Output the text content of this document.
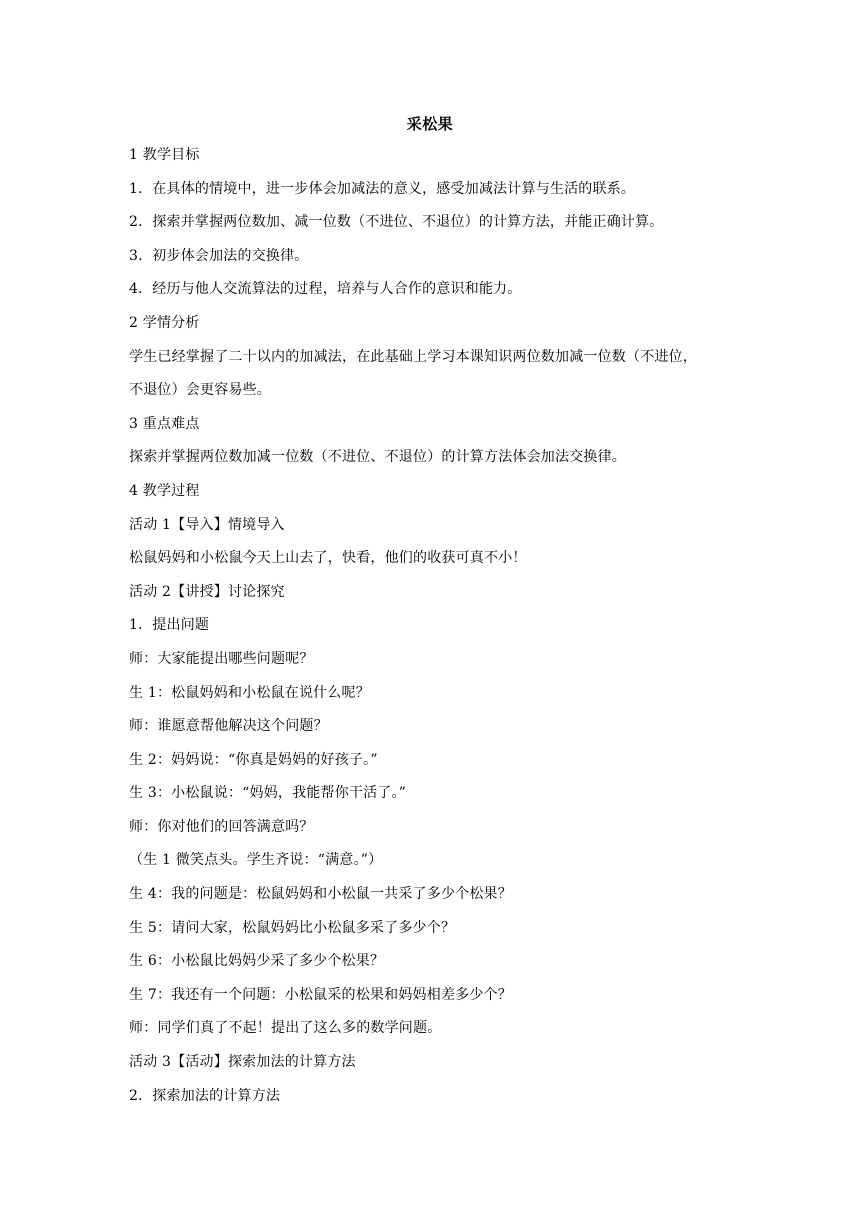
采松果
1 教学目标
1．在具体的情境中，进一步体会加减法的意义，感受加减法计算与生活的联系。
2．探索并掌握两位数加、减一位数（不进位、不退位）的计算方法，并能正确计算。
3．初步体会加法的交换律。
4．经历与他人交流算法的过程，培养与人合作的意识和能力。
2 学情分析
学生已经掌握了二十以内的加减法，在此基础上学习本课知识两位数加减一位数（不进位，
不退位）会更容易些。
3 重点难点
探索并掌握两位数加减一位数（不进位、不退位）的计算方法体会加法交换律。
4 教学过程
活动 1【导入】情境导入
松鼠妈妈和小松鼠今天上山去了，快看，他们的收获可真不小！
活动 2【讲授】讨论探究
1．提出问题
师：大家能提出哪些问题呢？
生 1：松鼠妈妈和小松鼠在说什么呢？
师：谁愿意帮他解决这个问题？
生 2：妈妈说：“你真是妈妈的好孩子。”
生 3：小松鼠说：“妈妈，我能帮你干活了。”
师：你对他们的回答满意吗？
（生 1 微笑点头。学生齐说：“满意。”）
生 4：我的问题是：松鼠妈妈和小松鼠一共采了多少个松果？
生 5：请问大家，松鼠妈妈比小松鼠多采了多少个？
生 6：小松鼠比妈妈少采了多少个松果？
生 7：我还有一个问题：小松鼠采的松果和妈妈相差多少个？
师：同学们真了不起！提出了这么多的数学问题。
活动 3【活动】探索加法的计算方法
2．探索加法的计算方法
